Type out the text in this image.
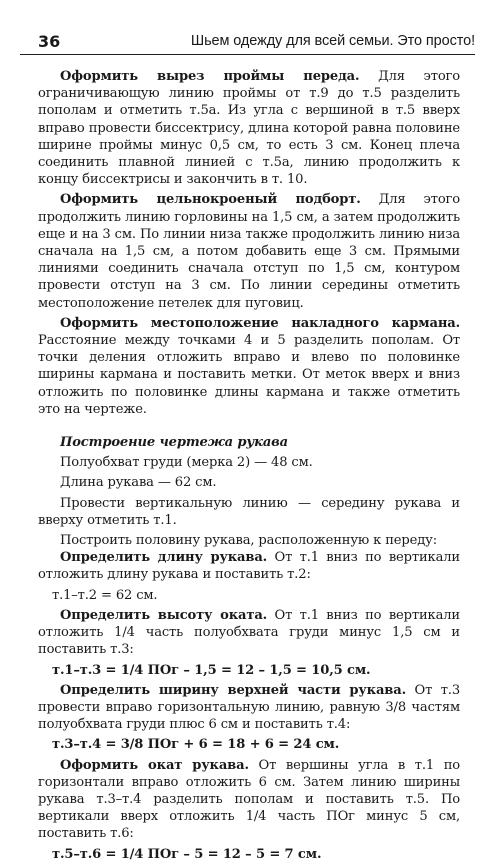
36	Шьем одежду для всей семьи. Это просто!

Оформить вырез проймы переда. Для этого ограничивающую линию проймы от т.9 до т.5 разделить пополам и отметить т.5а. Из угла с вершиной в т.5 вверх вправо провести биссектрису, длина которой равна половине ширине проймы минус 0,5 см, то есть 3 см. Конец плеча соединить плавной линией с т.5а, линию продолжить к концу биссектрисы и закончить в т. 10.

Оформить цельнокроеный подборт. Для этого продолжить линию горловины на 1,5 см, а затем продолжить еще и на 3 см. По линии низа также продолжить линию низа сначала на 1,5 см, а потом добавить еще 3 см. Прямыми линиями соединить сначала отступ по 1,5 см, контуром провести отступ на 3 см. По линии середины отметить местоположение петелек для пуговиц.

Оформить местоположение накладного кармана. Расстояние между точками 4 и 5 разделить пополам. От точки деления отложить вправо и влево по половинке ширины кармана и поставить метки. От меток вверх и вниз отложить по половинке длины кармана и также отметить это на чертеже.

Построение чертежа рукава

Полуобхват груди (мерка 2) — 48 см.

Длина рукава — 62 см.

Провести вертикальную линию — середину рукава и вверху отметить т.1.

Построить половину рукава, расположенную к переду:

Определить длину рукава. От т.1 вниз по вертикали отложить длину рукава и поставить т.2:

т.1–т.2 = 62 см.

Определить высоту оката. От т.1 вниз по вертикали отложить 1/4 часть полуобхвата груди минус 1,5 см и поставить т.3:

т.1–т.3 = 1/4 ПОг – 1,5 = 12 – 1,5 = 10,5 см.

Определить ширину верхней части рукава. От т.3 провести вправо горизонтальную линию, равную 3/8 частям полуобхвата груди плюс 6 см и поставить т.4:

т.3–т.4 = 3/8 ПОг + 6 = 18 + 6 = 24 см.

Оформить окат рукава. От вершины угла в т.1 по горизонтали вправо отложить 6 см. Затем линию ширины рукава т.3–т.4 разделить пополам и поставить т.5. По вертикали вверх отложить 1/4 часть ПОг минус 5 см, поставить т.6:

т.5–т.6 = 1/4 ПОг – 5 = 12 – 5 = 7 см.
